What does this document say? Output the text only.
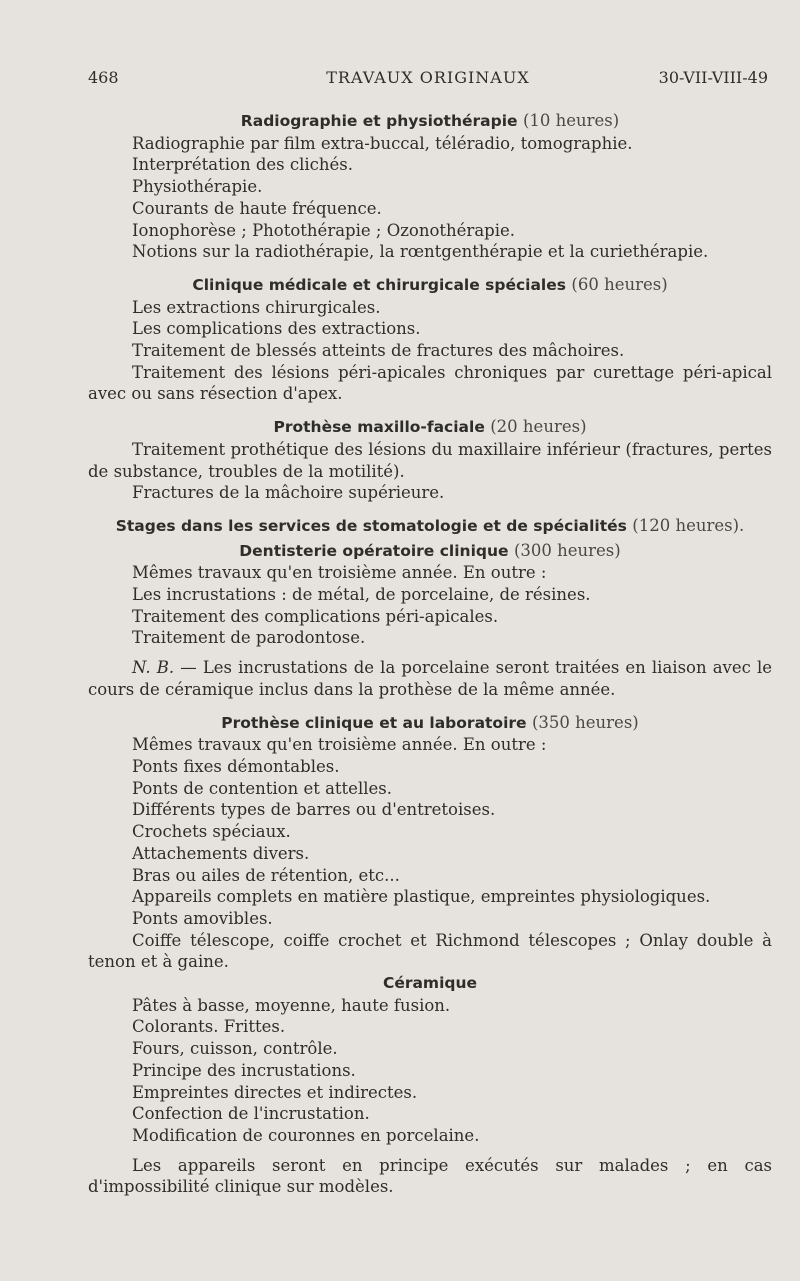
468	TRAVAUX ORIGINAUX	30-VII-VIII-49
Radiographie et physiothérapie (10 heures)

Radiographie par film extra-buccal, téléradio, tomographie.

Interprétation des clichés.

Physiothérapie.

Courants de haute fréquence.

Ionophorèse ; Photothérapie ; Ozonothérapie.

Notions sur la radiothérapie, la rœntgenthérapie et la curiethérapie.

Clinique médicale et chirurgicale spéciales (60 heures)

Les extractions chirurgicales.

Les complications des extractions.

Traitement de blessés atteints de fractures des mâchoires.

Traitement des lésions péri-apicales chroniques par curettage péri-apical avec ou sans résection d'apex.

Prothèse maxillo-faciale (20 heures)

Traitement prothétique des lésions du maxillaire inférieur (fractures, pertes de substance, troubles de la motilité).

Fractures de la mâchoire supérieure.

Stages dans les services de stomatologie et de spécialités (120 heures).
Dentisterie opératoire clinique (300 heures)

Mêmes travaux qu'en troisième année. En outre :

Les incrustations : de métal, de porcelaine, de résines.

Traitement des complications péri-apicales.

Traitement de parodontose.

N. B. — Les incrustations de la porcelaine seront traitées en liaison avec le cours de céramique inclus dans la prothèse de la même année.

Prothèse clinique et au laboratoire (350 heures)

Mêmes travaux qu'en troisième année. En outre :

Ponts fixes démontables.

Ponts de contention et attelles.

Différents types de barres ou d'entretoises.

Crochets spéciaux.

Attachements divers.

Bras ou ailes de rétention, etc...

Appareils complets en matière plastique, empreintes physiologiques.

Ponts amovibles.

Coiffe télescope, coiffe crochet et Richmond télescopes ; Onlay double à tenon et à gaine.

Céramique

Pâtes à basse, moyenne, haute fusion.

Colorants. Frittes.

Fours, cuisson, contrôle.

Principe des incrustations.

Empreintes directes et indirectes.

Confection de l'incrustation.

Modification de couronnes en porcelaine.

Les appareils seront en principe exécutés sur malades ; en cas d'impossibilité clinique sur modèles.
